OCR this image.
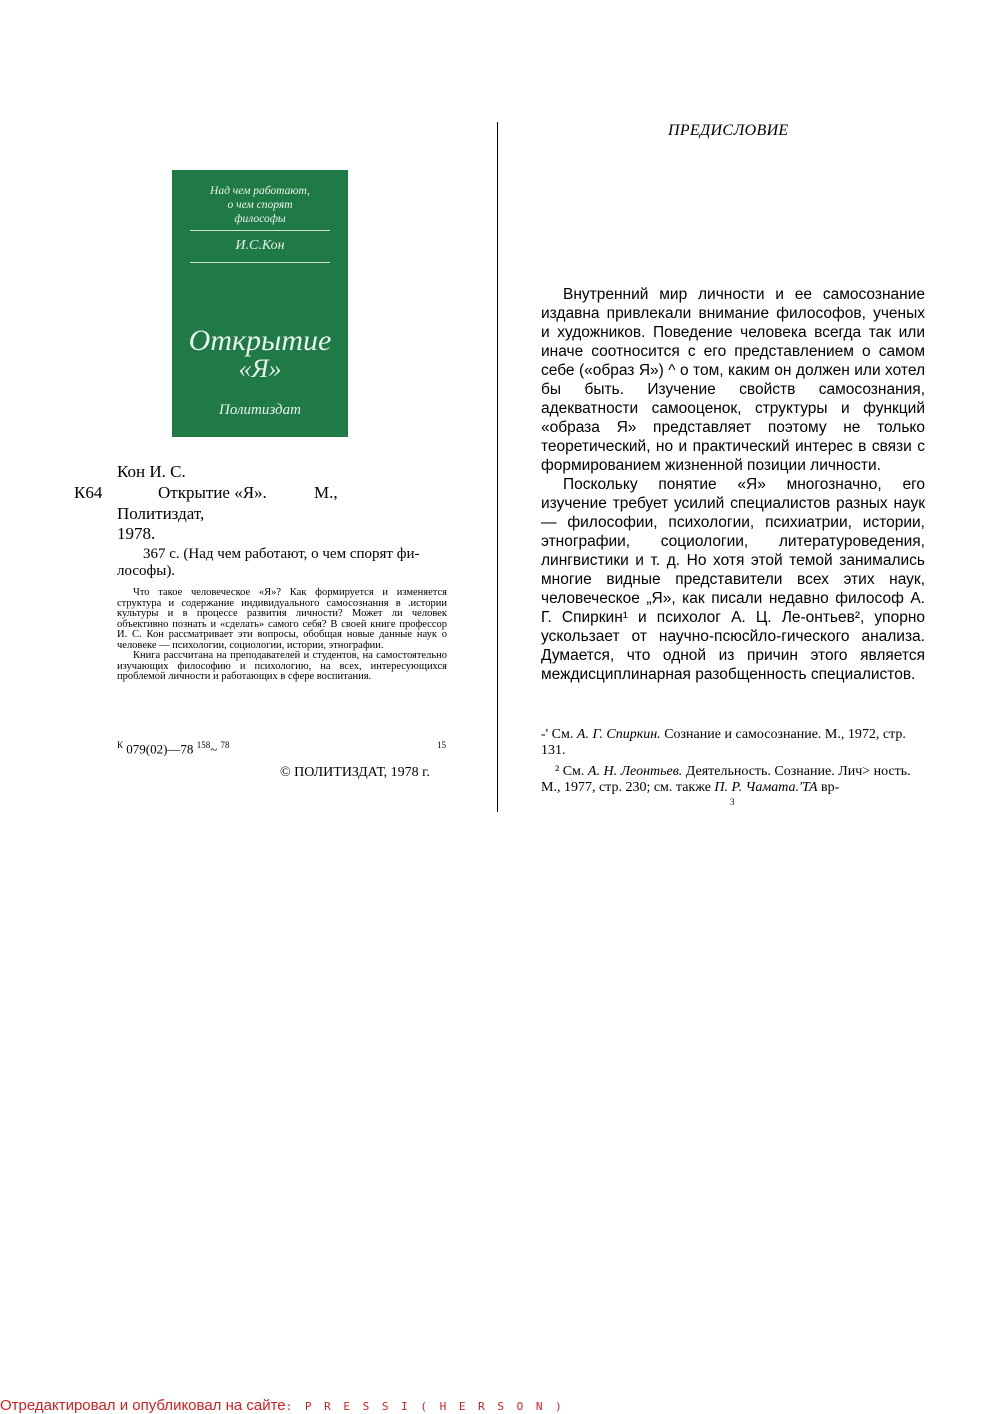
Над чем работают,
о чем спорят
философы
И.С.Кон
Открытие
«Я»
Политиздат
Кон И. С.
К64	Открытие «Я».	М.,
Политиздат,
1978.
367 с. (Над чем работают, о чем спорят фи-
лософы).

Что такое человеческое «Я»? Как формируется и изменяется структура и содержание индивидуального самосознания в .истории культуры и в процессе развития личности? Может ли человек объективно познать и «сделать» самого себя? В своей книге профессор И. С. Кон рассматривает эти вопросы, обобщая новые данные наук о человеке — психологии, социологии, истории, этнографии.

Книга рассчитана на преподавателей и студентов, на самостоятельно изучающих философию и психологию, на всех, интересующихся проблемой личности и работающих в сфере воспитания.

$^К$ 079(02)—78 $^{158}$~ $^{78}$	15
© ПОЛИТИЗДАТ, 1978 г.
ПРЕДИСЛОВИЕ

Внутренний мир личности и ее самосознание издавна привлекали внимание философов, ученых и художников. Поведение человека всегда так или иначе соотносится с его представлением о самом себе («образ Я») ^ о том, каким он должен или хотел бы быть. Изучение свойств самосознания, адекватности самооценок, структуры и функций «образа Я» представляет поэтому не только теоретический, но и практический интерес в связи с формированием жизненной позиции личности.

Поскольку понятие «Я» многозначно, его изучение требует усилий специалистов разных наук — философии, психологии, психиатрии, истории, этнографии, социологии, литературоведения, лингвистики и т. д. Но хотя этой темой занимались многие видные представители всех этих наук, человеческое „Я», как писали недавно философ А. Г. Спиркин¹ и психолог А. Ц. Ле-онтьев², упорно ускользает от научно-псюсйло-гического анализа. Думается, что одной из причин этого является междисциплинарная разобщенность специалистов.

-' См. А. Г. Спиркин. Сознание и самосознание. М., 1972, стр. 131.

² См. А. Н. Леонтьев. Деятельность. Сознание. Лич> ность. М., 1977, стр. 230; см. также П. Р. Чамата.'ТА вр-

3
Отредактировал и опубликовал на сайте: P R E S S I ( H E R S O N )
